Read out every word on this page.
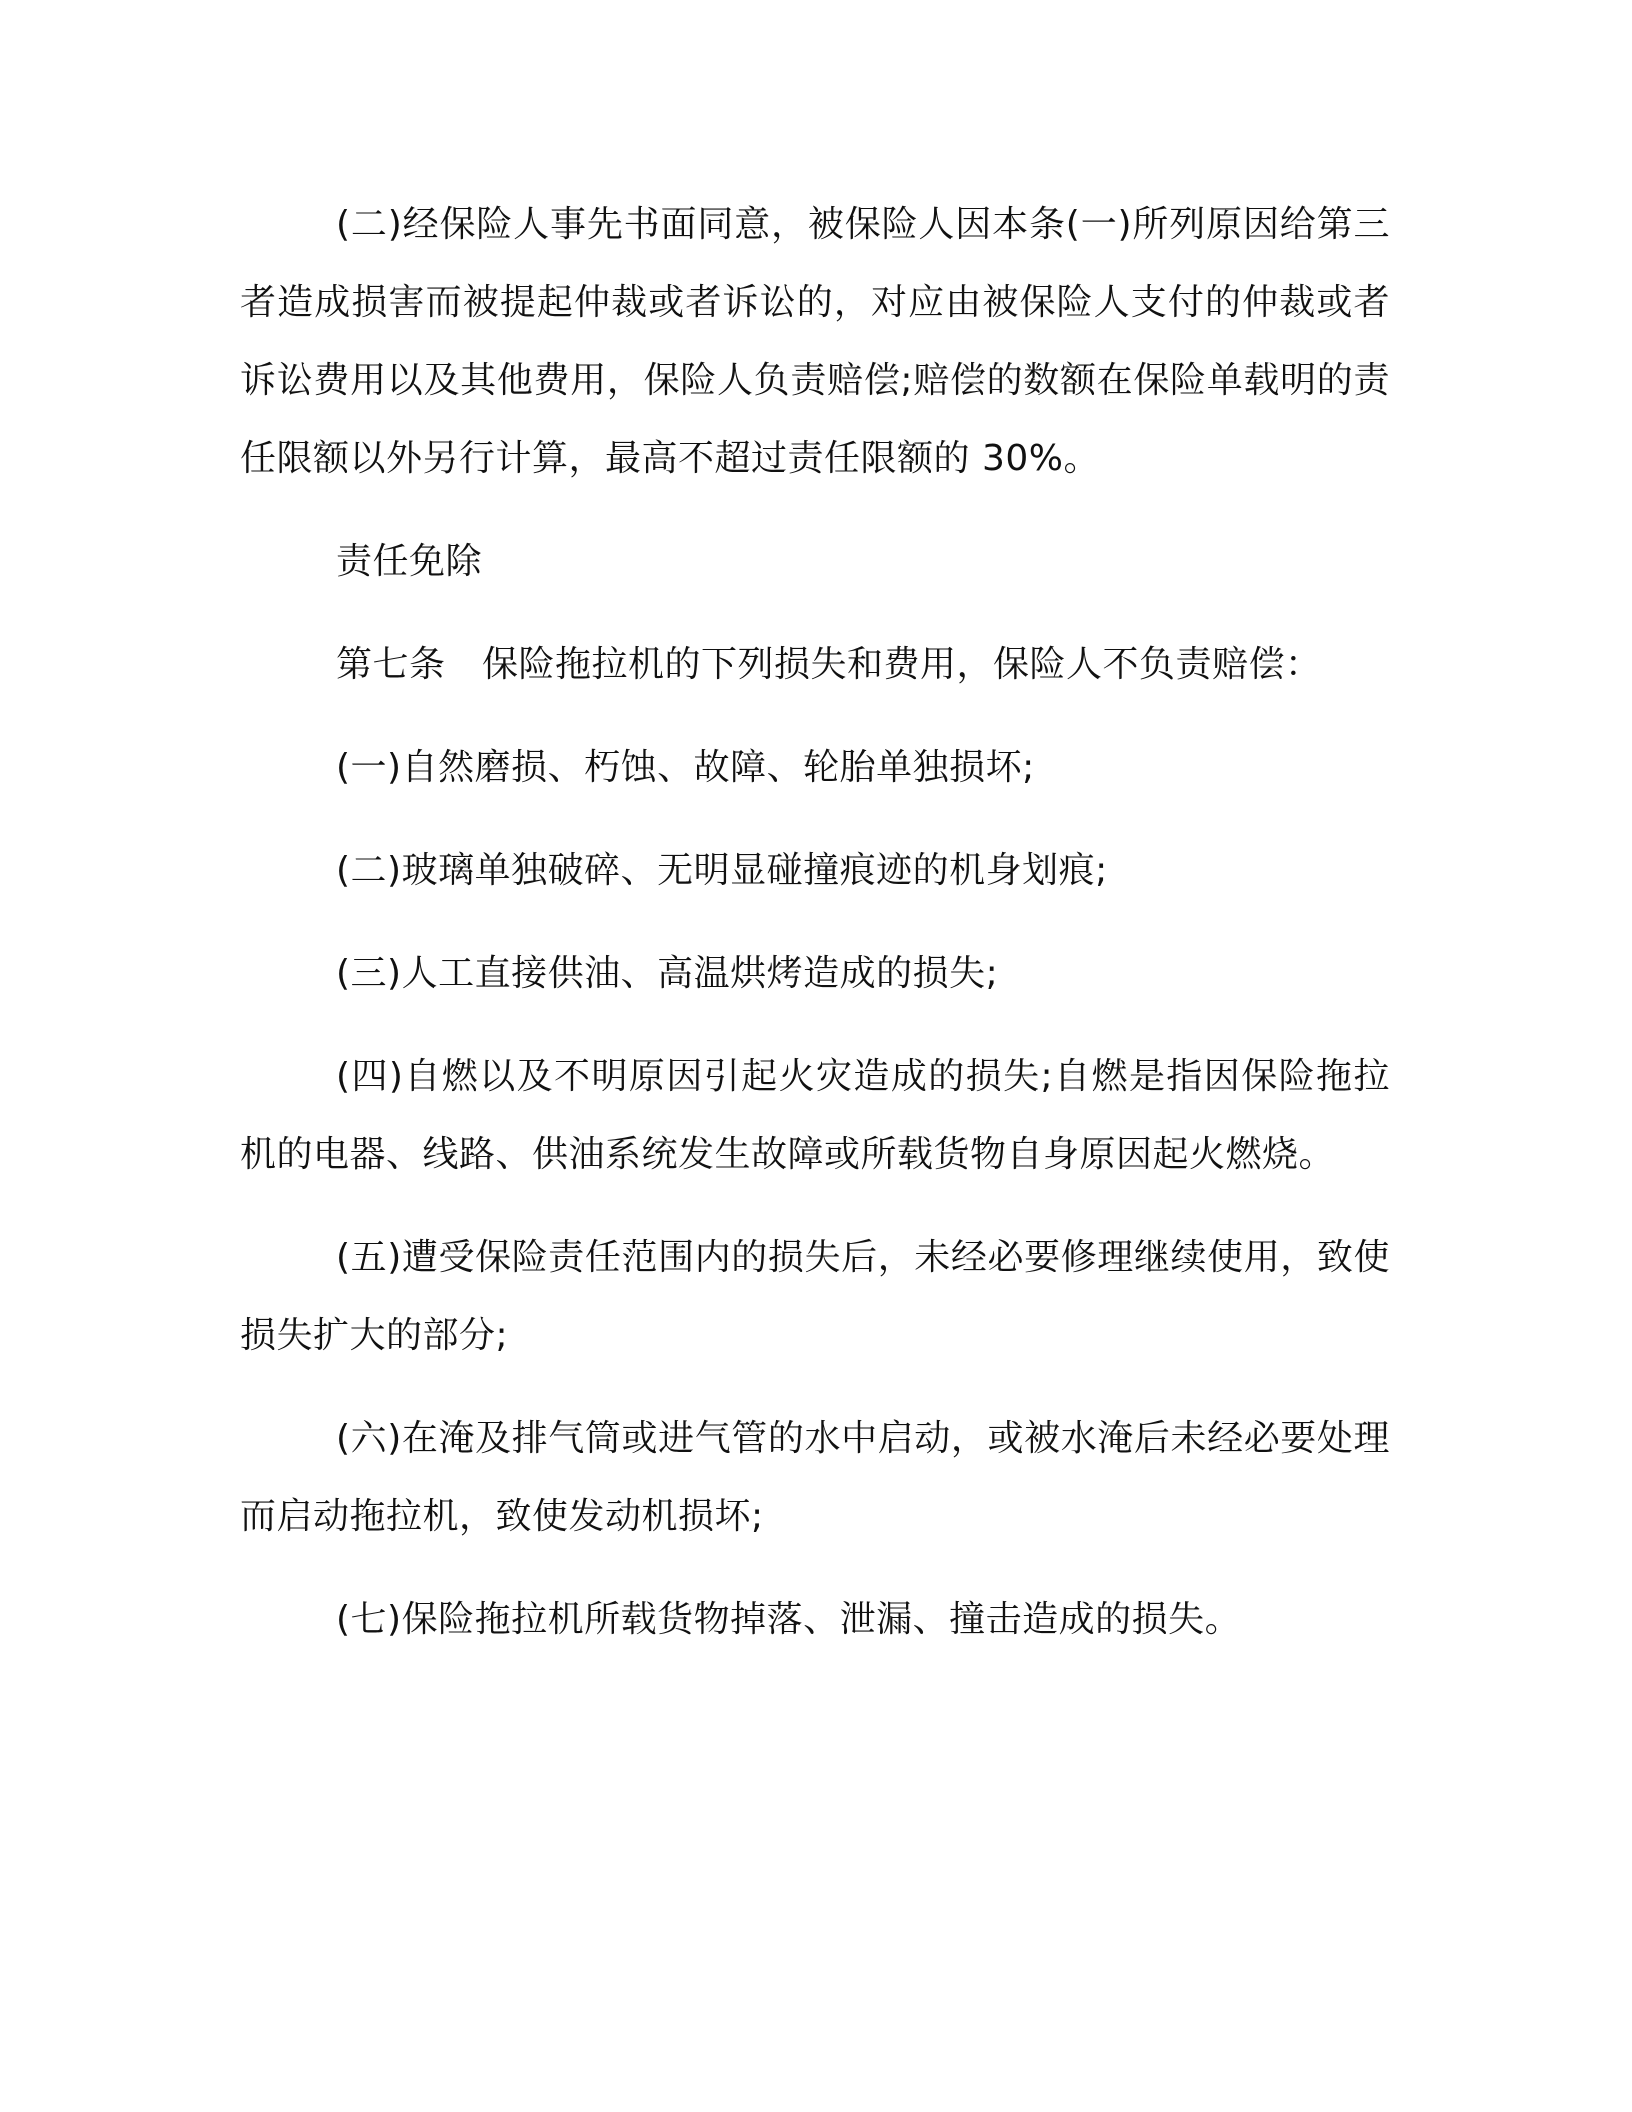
(二)经保险人事先书面同意，被保险人因本条(一)所列原因给第三者造成损害而被提起仲裁或者诉讼的，对应由被保险人支付的仲裁或者诉讼费用以及其他费用，保险人负责赔偿;赔偿的数额在保险单载明的责任限额以外另行计算，最高不超过责任限额的 30%。

责任免除

第七条　保险拖拉机的下列损失和费用，保险人不负责赔偿：

(一)自然磨损、朽蚀、故障、轮胎单独损坏;

(二)玻璃单独破碎、无明显碰撞痕迹的机身划痕;

(三)人工直接供油、高温烘烤造成的损失;

(四)自燃以及不明原因引起火灾造成的损失;自燃是指因保险拖拉机的电器、线路、供油系统发生故障或所载货物自身原因起火燃烧。

(五)遭受保险责任范围内的损失后，未经必要修理继续使用，致使损失扩大的部分;

(六)在淹及排气筒或进气管的水中启动，或被水淹后未经必要处理而启动拖拉机，致使发动机损坏;

(七)保险拖拉机所载货物掉落、泄漏、撞击造成的损失。
